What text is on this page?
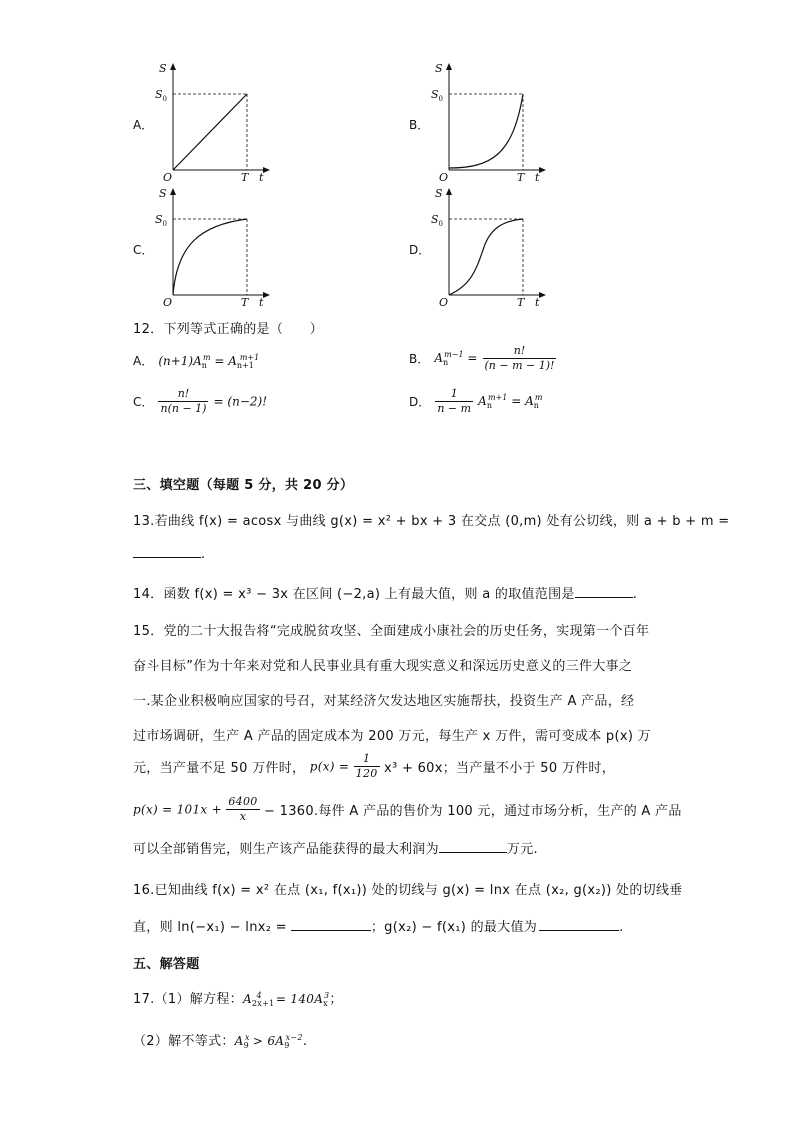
A．	B．
C．	D．
S
$S_0$
O	T t
S
$S_0$
O	T t
S
$S_0$
O	T t
S
$S_0$
O	T t
12．下列等式正确的是（　　）
A． $(n+1)A_n^m = A_{n+1}^{m+1}$	B． $A_n^{m-1} = \frac{n!}{(n - m - 1)!}$
C． $\frac{n!}{n(n - 1)} = (n-2)$!	D． $\frac{1}{n - m} A_n^{m+1} = A_n^m$
三、填空题（每题 5 分，共 20 分）
13.若曲线 f(x) = acosx 与曲线 g(x) = x² + bx + 3 在交点 (0,m) 处有公切线，则 a + b + m =
.
14．函数 f(x) = x³ − 3x 在区间 (−2,a) 上有最大值，则 a 的取值范围是	.
15．党的二十大报告将“完成脱贫攻坚、全面建成小康社会的历史任务，实现第一个百年
奋斗目标”作为十年来对党和人民事业具有重大现实意义和深远历史意义的三件大事之
一.某企业积极响应国家的号召，对某经济欠发达地区实施帮扶，投资生产 A 产品，经
过市场调研，生产 A 产品的固定成本为 200 万元，每生产 x 万件，需可变成本 p(x) 万
元，当产量不足 50 万件时， $p(x) = \frac{1}{120} x^3 + 60x$；当产量不小于 50 万件时，
$p(x) = 101x + \frac{6400}{x} - 1360$.每件 A 产品的售价为 100 元，通过市场分析，生产的 A 产品
可以全部销售完，则生产该产品能获得的最大利润为	万元.
16.已知曲线 f(x) = x² 在点 (x₁, f(x₁)) 处的切线与 g(x) = lnx 在点 (x₂, g(x₂)) 处的切线垂
直，则 ln(−x₁) − lnx₂ =	；g(x₂) − f(x₁) 的最大值为	.
五、解答题
17.（1）解方程：$A_{2x+1}^4 = 140A_x^3$；
（2）解不等式：$A_9^x > 6A_9^{x-2}$.
